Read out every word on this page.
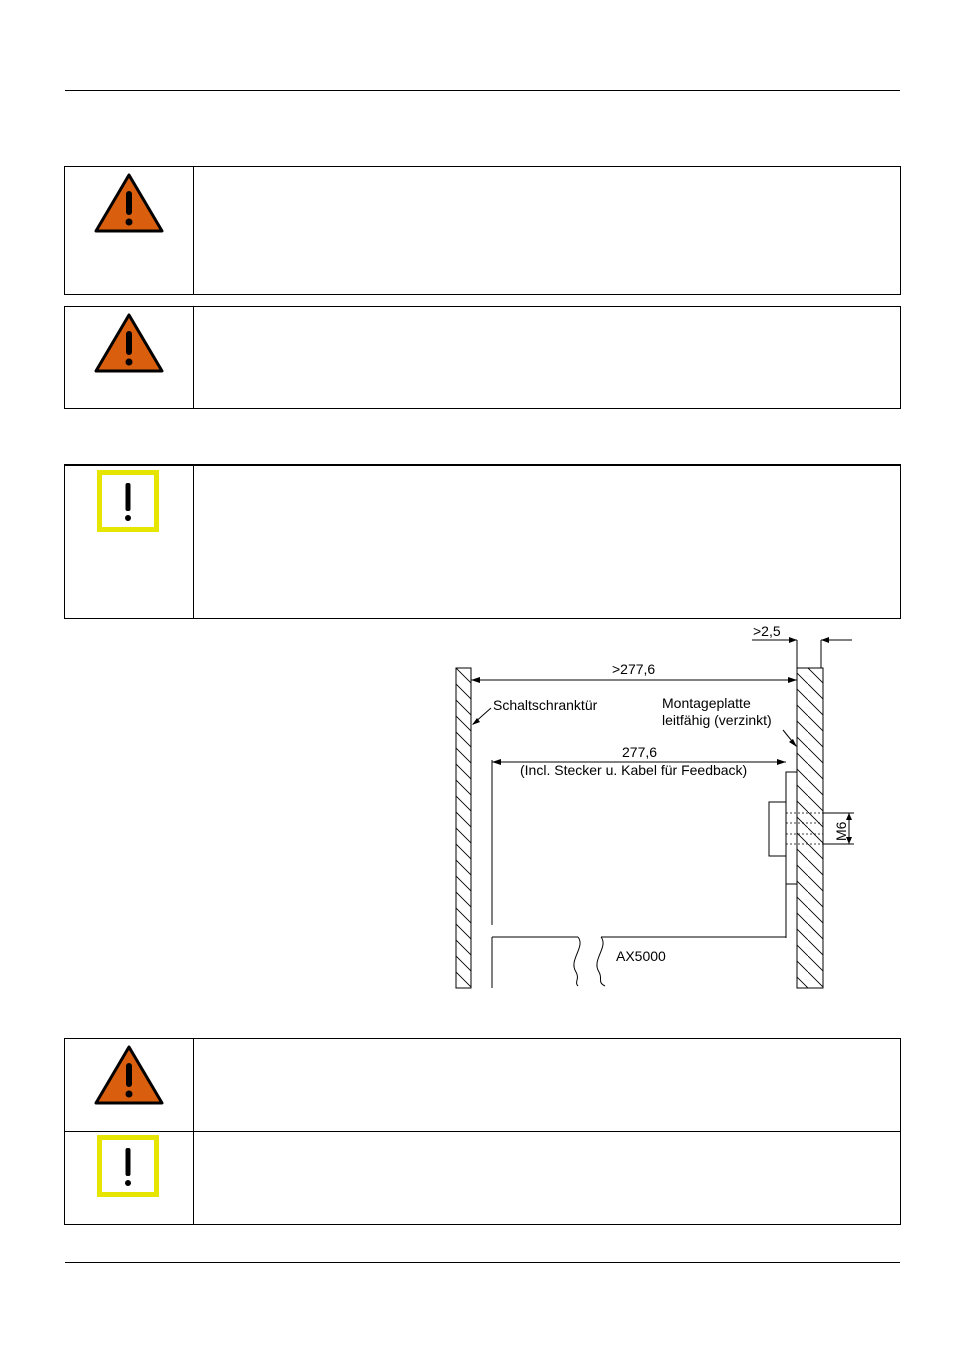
>2,5
>277,6
Schaltschranktür	Montageplatte
leitfähig (verzinkt)
277,6
(Incl. Stecker u. Kabel für Feedback)
M6
AX5000
